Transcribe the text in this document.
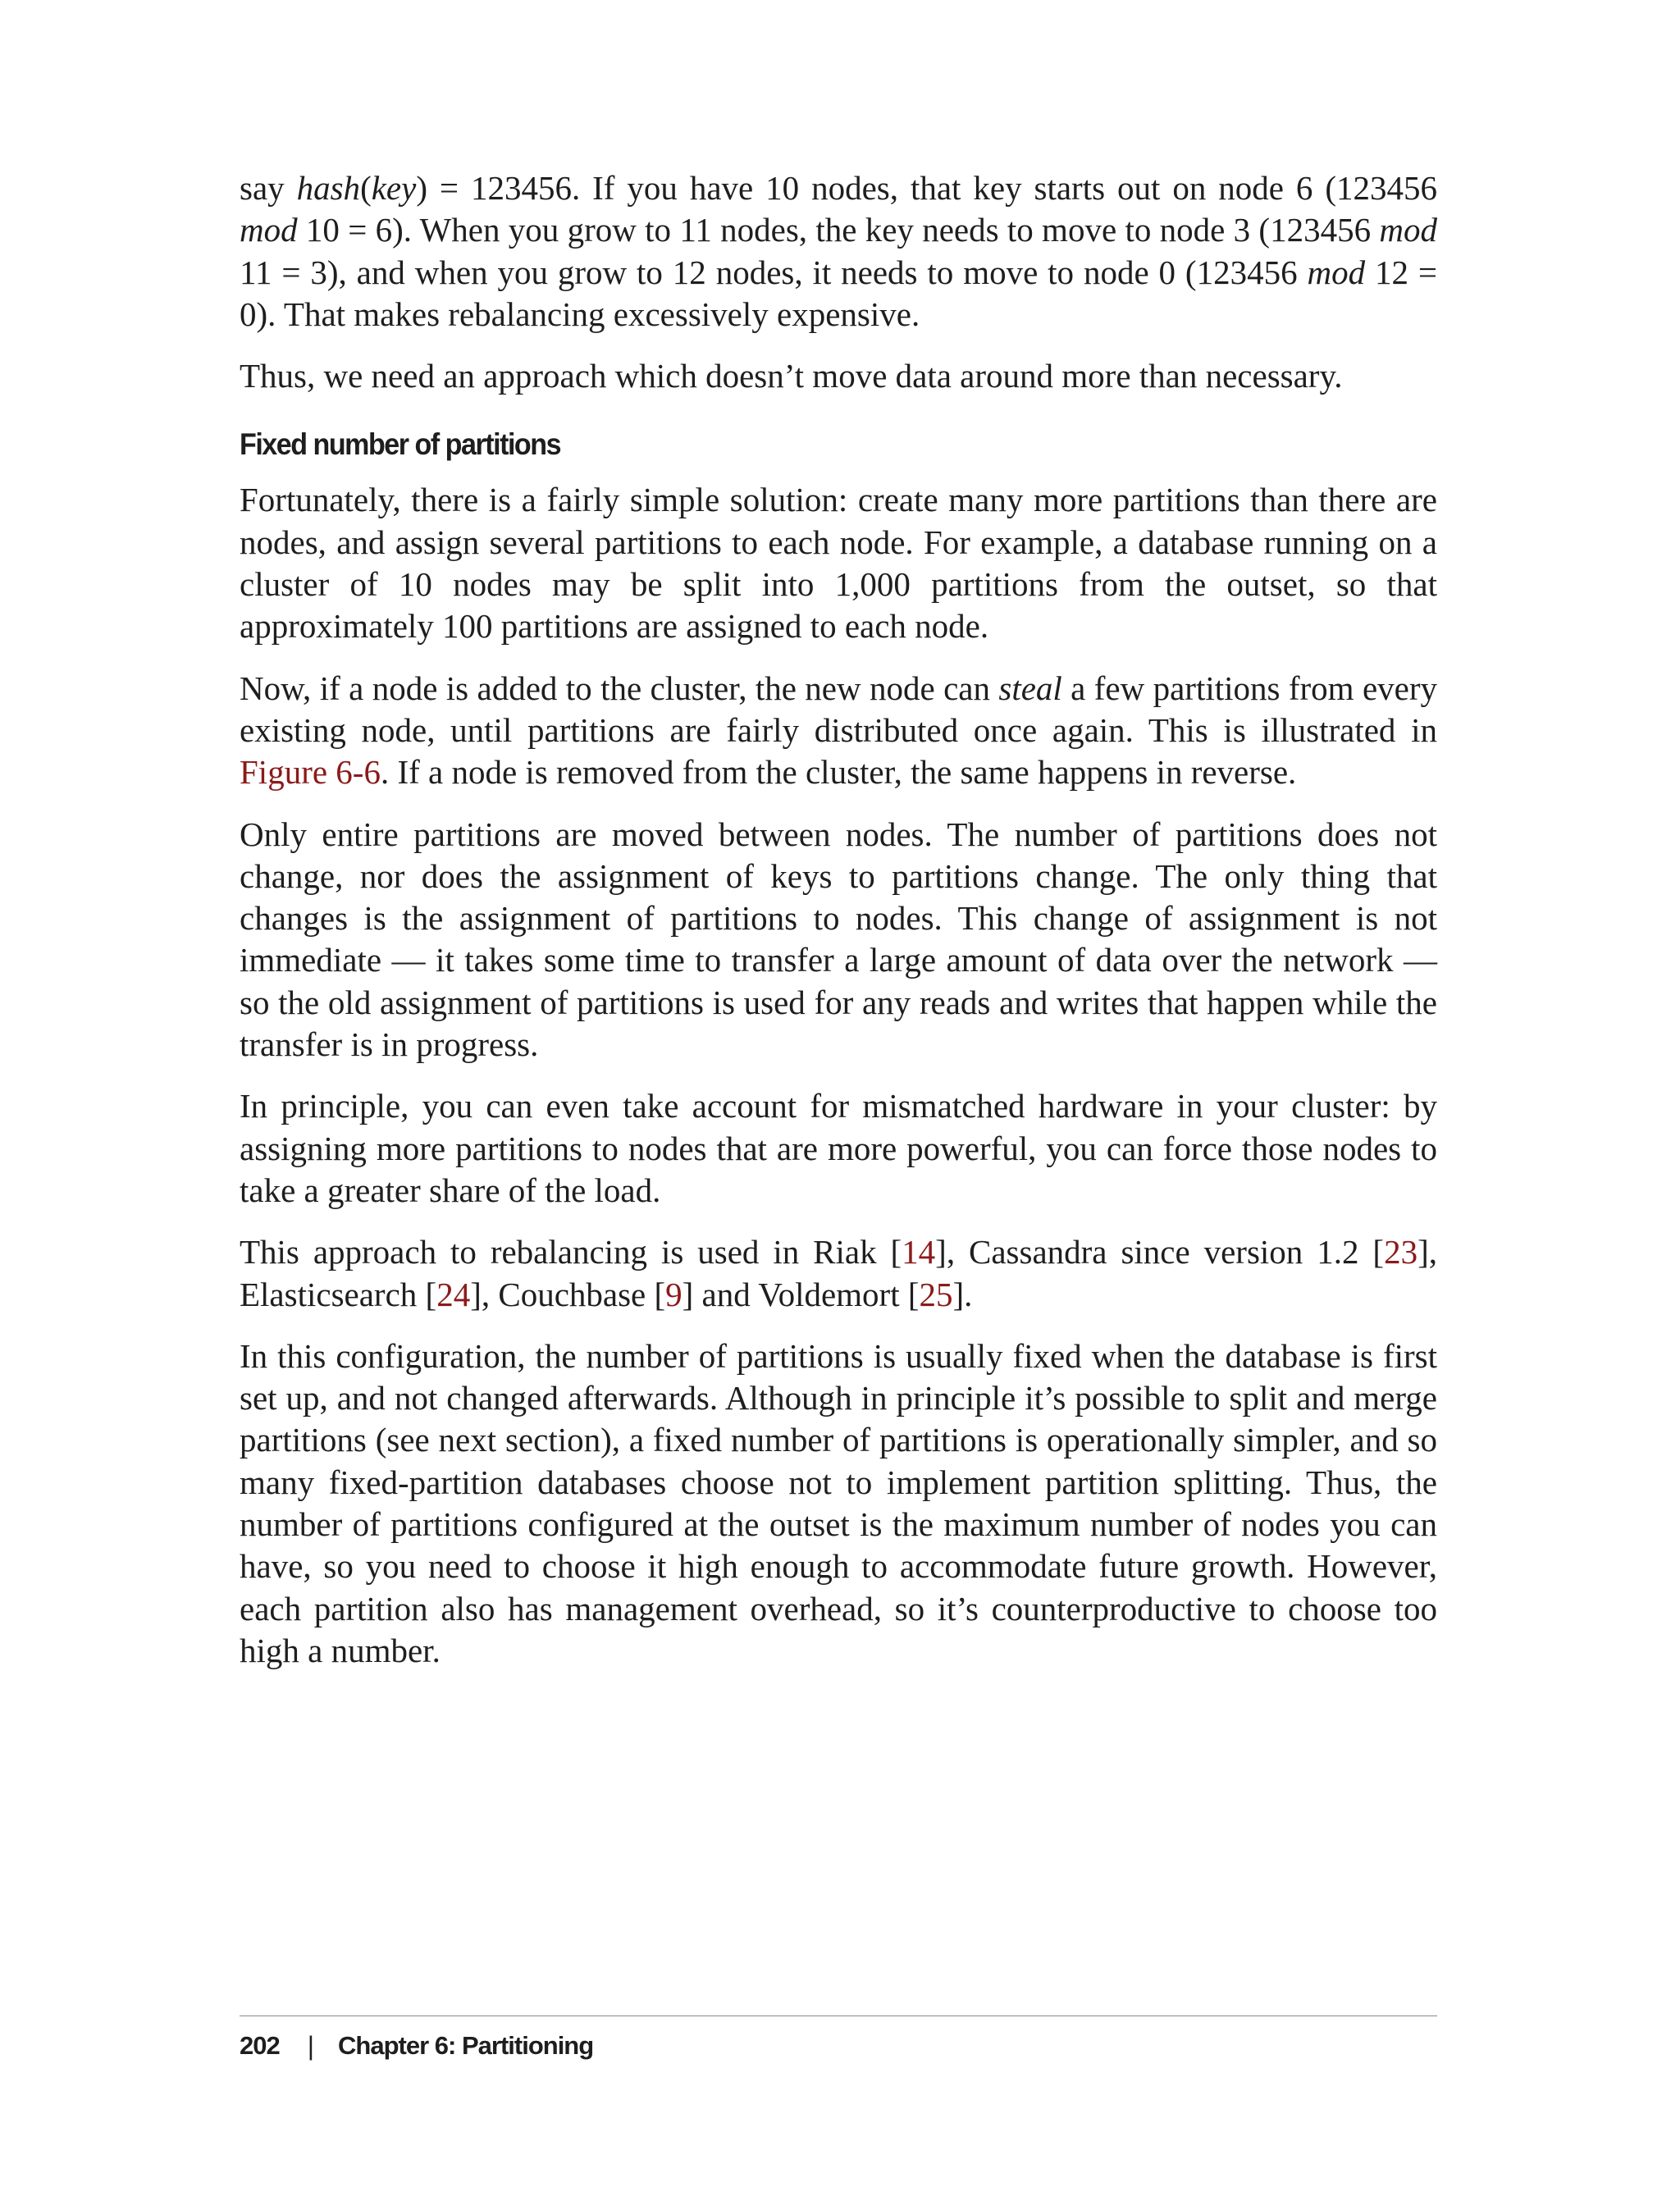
say hash(key) = 123456. If you have 10 nodes, that key starts out on node 6 (123456 mod 10 = 6). When you grow to 11 nodes, the key needs to move to node 3 (123456 mod 11 = 3), and when you grow to 12 nodes, it needs to move to node 0 (123456 mod 12 = 0). That makes rebalancing excessively expensive.

Thus, we need an approach which doesn’t move data around more than necessary.

Fixed number of partitions

Fortunately, there is a fairly simple solution: create many more partitions than there are nodes, and assign several partitions to each node. For example, a database running on a cluster of 10 nodes may be split into 1,000 partitions from the outset, so that approximately 100 partitions are assigned to each node.

Now, if a node is added to the cluster, the new node can steal a few partitions from every existing node, until partitions are fairly distributed once again. This is illustrated in Figure 6-6. If a node is removed from the cluster, the same happens in reverse.

Only entire partitions are moved between nodes. The number of partitions does not change, nor does the assignment of keys to partitions change. The only thing that changes is the assignment of partitions to nodes. This change of assignment is not immediate — it takes some time to transfer a large amount of data over the network — so the old assignment of partitions is used for any reads and writes that happen while the transfer is in progress.

In principle, you can even take account for mismatched hardware in your cluster: by assigning more partitions to nodes that are more powerful, you can force those nodes to take a greater share of the load.

This approach to rebalancing is used in Riak [14], Cassandra since version 1.2 [23], Elasticsearch [24], Couchbase [9] and Voldemort [25].

In this configuration, the number of partitions is usually fixed when the database is first set up, and not changed afterwards. Although in principle it’s possible to split and merge partitions (see next section), a fixed number of partitions is operationally simpler, and so many fixed-partition databases choose not to implement partition splitting. Thus, the number of partitions configured at the outset is the maximum number of nodes you can have, so you need to choose it high enough to accommodate future growth. However, each partition also has management overhead, so it’s counterproductive to choose too high a number.

202 | Chapter 6: Partitioning
